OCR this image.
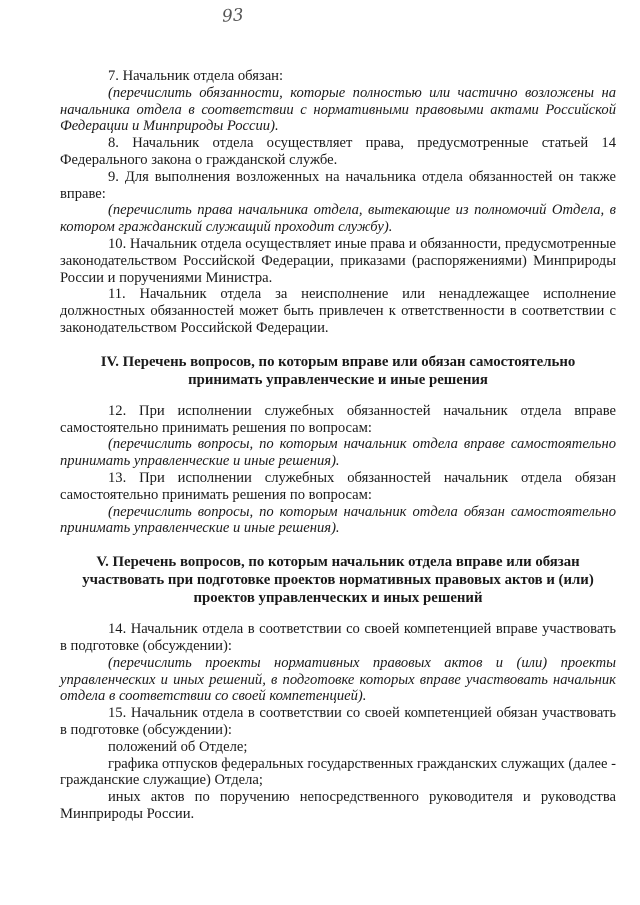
93

7. Начальник отдела обязан:

(перечислить обязанности, которые полностью или частично возложены на начальника отдела в соответствии с нормативными правовыми актами Российской Федерации и Минприроды России).

8. Начальник отдела осуществляет права, предусмотренные статьей 14 Федерального закона о гражданской службе.

9. Для выполнения возложенных на начальника отдела обязанностей он также вправе:

(перечислить права начальника отдела, вытекающие из полномочий Отдела, в котором гражданский служащий проходит службу).

10. Начальник отдела осуществляет иные права и обязанности, предусмотренные законодательством Российской Федерации, приказами (распоряжениями) Минприроды России и поручениями Министра.

11. Начальник отдела за неисполнение или ненадлежащее исполнение должностных обязанностей может быть привлечен к ответственности в соответствии с законодательством Российской Федерации.

IV. Перечень вопросов, по которым вправе или обязан самостоятельно

принимать управленческие и иные решения

12. При исполнении служебных обязанностей начальник отдела вправе самостоятельно принимать решения по вопросам:

(перечислить вопросы, по которым начальник отдела вправе самостоятельно принимать управленческие и иные решения).

13. При исполнении служебных обязанностей начальник отдела обязан самостоятельно принимать решения по вопросам:

(перечислить вопросы, по которым начальник отдела обязан самостоятельно принимать управленческие и иные решения).

V. Перечень вопросов, по которым начальник отдела вправе или обязан

участвовать при подготовке проектов нормативных правовых актов и (или)

проектов управленческих и иных решений

14. Начальник отдела в соответствии со своей компетенцией вправе участвовать в подготовке (обсуждении):

(перечислить проекты нормативных правовых актов и (или) проекты управленческих и иных решений, в подготовке которых вправе участвовать начальник отдела в соответствии со своей компетенцией).

15. Начальник отдела в соответствии со своей компетенцией обязан участвовать в подготовке (обсуждении):

положений об Отделе;

графика отпусков федеральных государственных гражданских служащих (далее - гражданские служащие) Отдела;

иных актов по поручению непосредственного руководителя и руководства Минприроды России.
